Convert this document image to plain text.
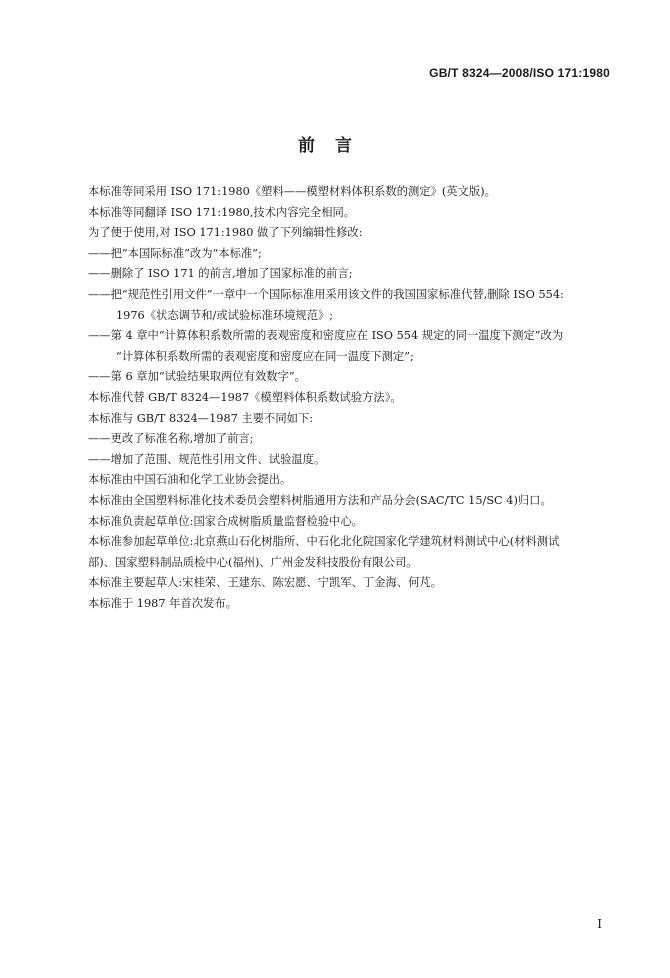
GB/T 8324—2008/ISO 171:1980
前言
本标准等同采用 ISO 171:1980《塑料——模塑材料体积系数的测定》(英文版)。
本标准等同翻译 ISO 171:1980,技术内容完全相同。
为了便于使用,对 ISO 171:1980 做了下列编辑性修改:
——把“本国际标准”改为“本标准”;
——删除了 ISO 171 的前言,增加了国家标准的前言;
——把“规范性引用文件”一章中一个国际标准用采用该文件的我国国家标准代替,删除 ISO 554:
1976《状态调节和/或试验标准环境规范》;
——第 4 章中“计算体积系数所需的表观密度和密度应在 ISO 554 规定的同一温度下测定”改为
“计算体积系数所需的表观密度和密度应在同一温度下测定”;
——第 6 章加“试验结果取两位有效数字”。
本标准代替 GB/T 8324—1987《模塑料体积系数试验方法》。
本标准与 GB/T 8324—1987 主要不同如下:
——更改了标准名称,增加了前言;
——增加了范围、规范性引用文件、试验温度。
本标准由中国石油和化学工业协会提出。
本标准由全国塑料标准化技术委员会塑料树脂通用方法和产品分会(SAC/TC 15/SC 4)归口。
本标准负责起草单位:国家合成树脂质量监督检验中心。
本标准参加起草单位:北京燕山石化树脂所、中石化北化院国家化学建筑材料测试中心(材料测试
部)、国家塑料制品质检中心(福州)、广州金发科技股份有限公司。
本标准主要起草人:宋桂荣、王建东、陈宏愿、宁凯军、丁金海、何芃。
本标准于 1987 年首次发布。
I
